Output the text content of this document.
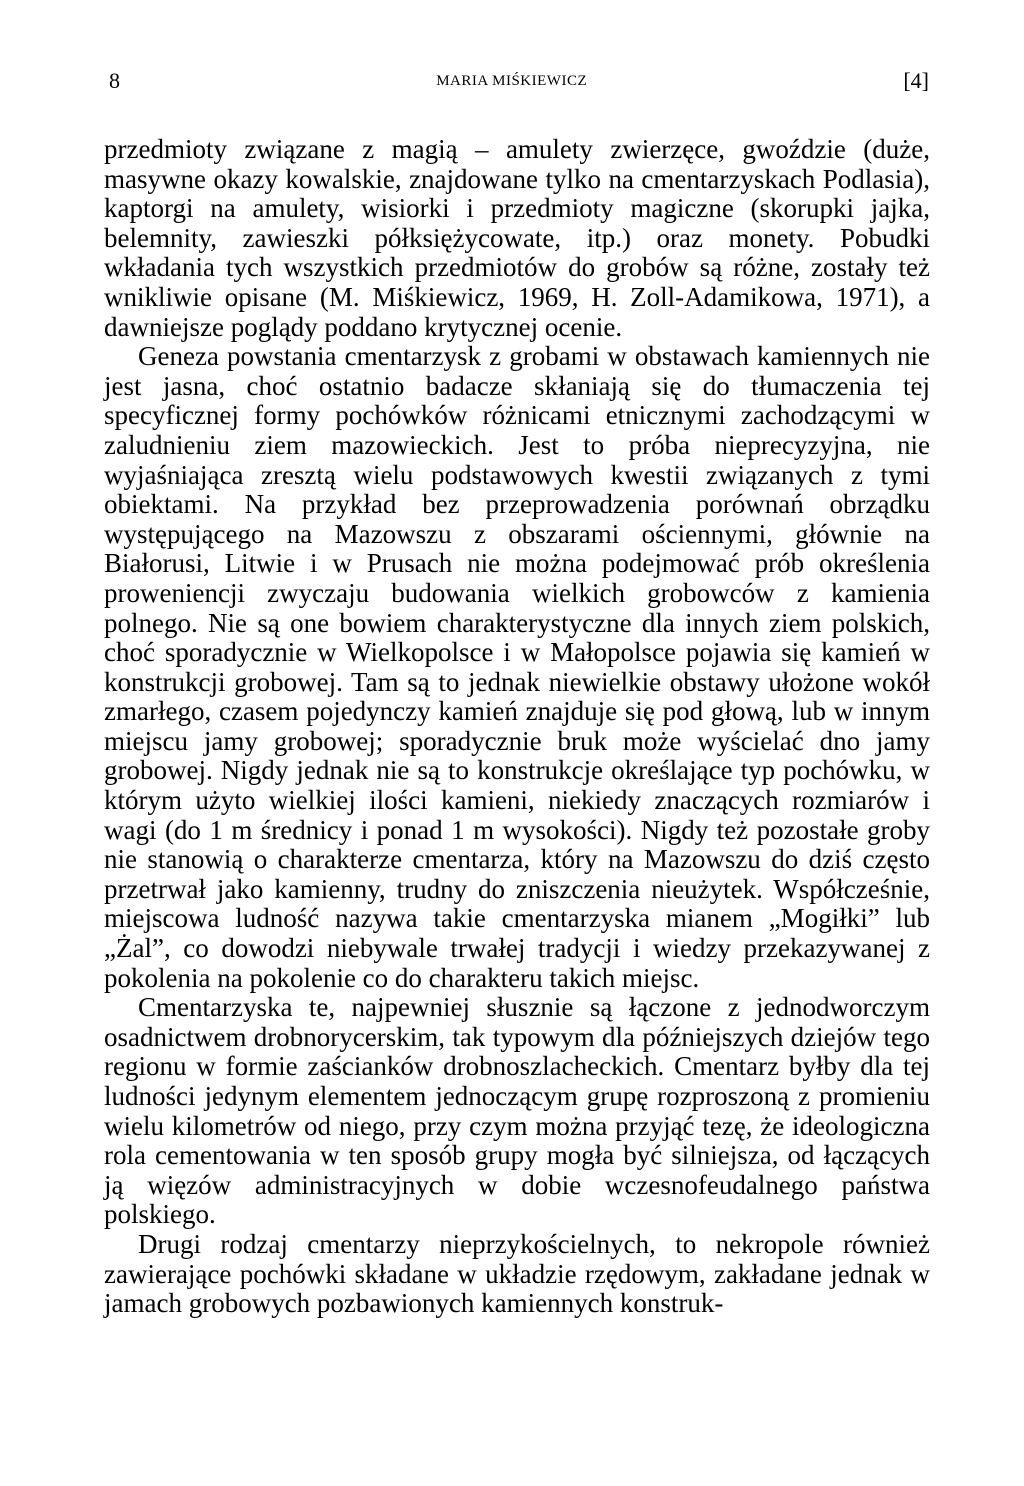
8	MARIA MIŚKIEWICZ	[4]

przedmioty związane z magią – amulety zwierzęce, gwoździe (duże, masywne okazy kowalskie, znajdowane tylko na cmentarzyskach Podlasia), kaptorgi na amulety, wisiorki i przedmioty magiczne (skorupki jajka, belemnity, zawieszki półksiężycowate, itp.) oraz monety. Pobudki wkładania tych wszystkich przedmiotów do grobów są różne, zostały też wnikliwie opisane (M. Miśkiewicz, 1969, H. Zoll-Adamikowa, 1971), a dawniejsze poglądy poddano krytycznej ocenie.

Geneza powstania cmentarzysk z grobami w obstawach kamiennych nie jest jasna, choć ostatnio badacze skłaniają się do tłumaczenia tej specyficznej formy pochówków różnicami etnicznymi zachodzącymi w zaludnieniu ziem mazowieckich. Jest to próba nieprecyzyjna, nie wyjaśniająca zresztą wielu podstawowych kwestii związanych z tymi obiektami. Na przykład bez przeprowadzenia porównań obrządku występującego na Mazowszu z obszarami ościennymi, głównie na Białorusi, Litwie i w Prusach nie można podejmować prób określenia proweniencji zwyczaju budowania wielkich grobowców z kamienia polnego. Nie są one bowiem charakterystyczne dla innych ziem polskich, choć sporadycznie w Wielkopolsce i w Małopolsce pojawia się kamień w konstrukcji grobowej. Tam są to jednak niewielkie obstawy ułożone wokół zmarłego, czasem pojedynczy kamień znajduje się pod głową, lub w innym miejscu jamy grobowej; sporadycznie bruk może wyścielać dno jamy grobowej. Nigdy jednak nie są to konstrukcje określające typ pochówku, w którym użyto wielkiej ilości kamieni, niekiedy znaczących rozmiarów i wagi (do 1 m średnicy i ponad 1 m wysokości). Nigdy też pozostałe groby nie stanowią o charakterze cmentarza, który na Mazowszu do dziś często przetrwał jako kamienny, trudny do zniszczenia nieużytek. Współcześnie, miejscowa ludność nazywa takie cmentarzyska mianem „Mogiłki” lub „Żal”, co dowodzi niebywale trwałej tradycji i wiedzy przekazywanej z pokolenia na pokolenie co do charakteru takich miejsc.

Cmentarzyska te, najpewniej słusznie są łączone z jednodworczym osadnictwem drobnorycerskim, tak typowym dla późniejszych dziejów tego regionu w formie zaścianków drobnoszlacheckich. Cmentarz byłby dla tej ludności jedynym elementem jednoczącym grupę rozproszoną z promieniu wielu kilometrów od niego, przy czym można przyjąć tezę, że ideologiczna rola cementowania w ten sposób grupy mogła być silniejsza, od łączących ją więzów administracyjnych w dobie wczesnofeudalnego państwa polskiego.

Drugi rodzaj cmentarzy nieprzykościelnych, to nekropole również zawierające pochówki składane w układzie rzędowym, zakładane jednak w jamach grobowych pozbawionych kamiennych konstruk-
